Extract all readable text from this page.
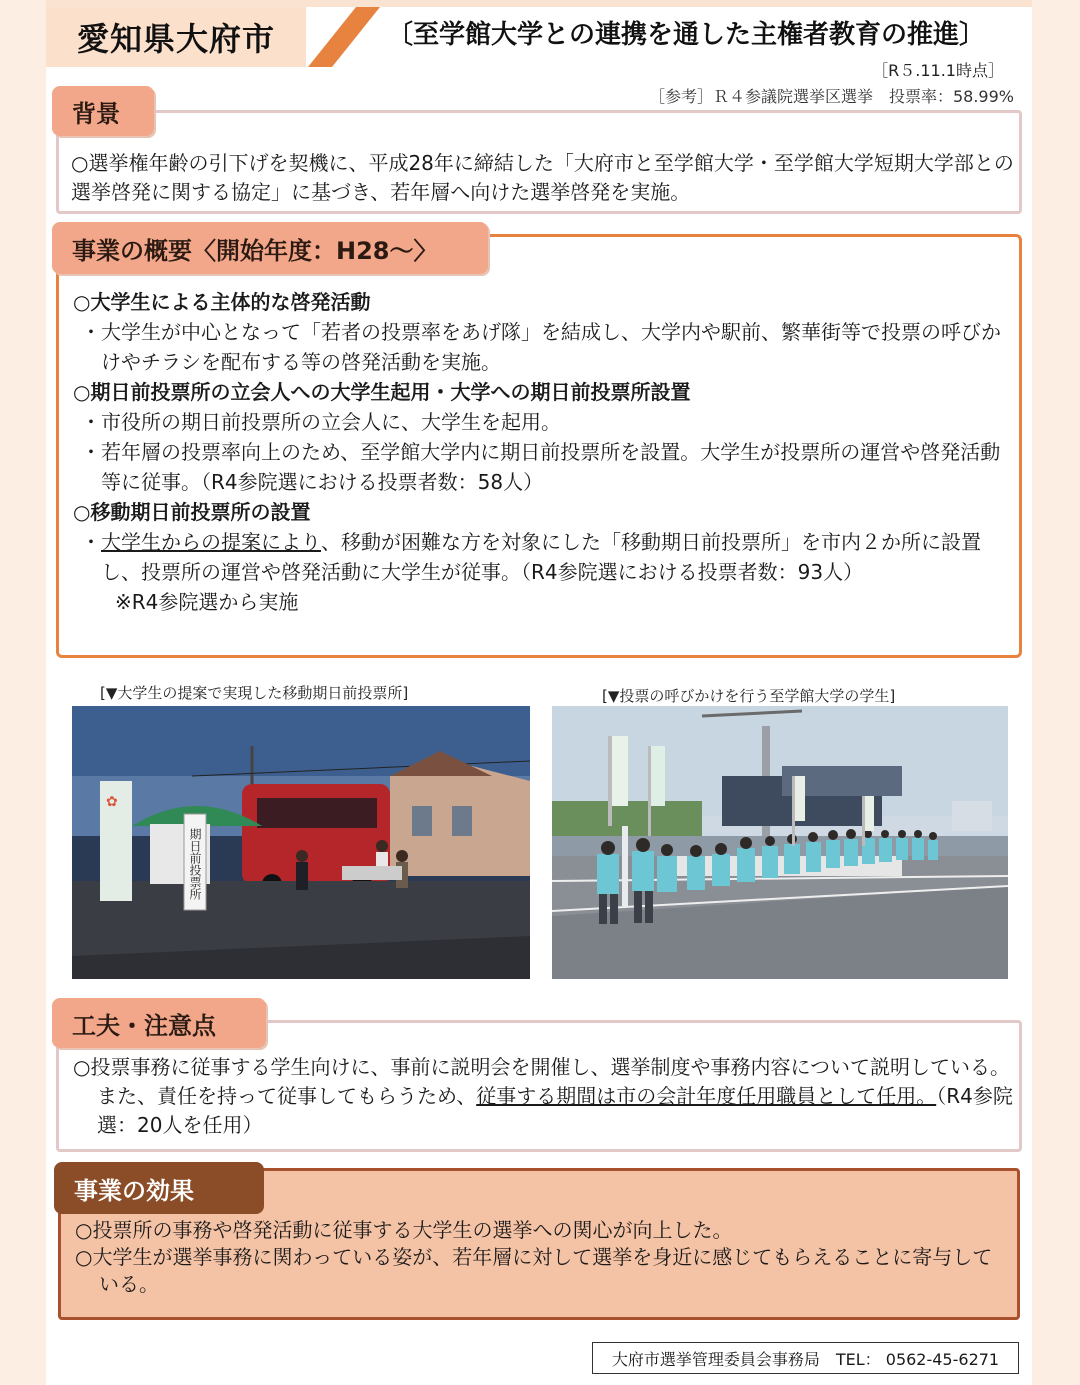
愛知県大府市	〔至学館大学との連携を通した主権者教育の推進〕
［R５.11.1時点］
［参考］Ｒ４参議院選挙区選挙　投票率：58.99%
○選挙権年齢の引下げを契機に、平成28年に締結した「大府市と至学館大学・至学館大学短期大学部との選挙啓発に関する協定」に基づき、若年層へ向けた選挙啓発を実施。
背景
○大学生による主体的な啓発活動
・大学生が中心となって「若者の投票率をあげ隊」を結成し、大学内や駅前、繁華街等で投票の呼びかけやチラシを配布する等の啓発活動を実施。
○期日前投票所の立会人への大学生起用・大学への期日前投票所設置
・市役所の期日前投票所の立会人に、大学生を起用。
・若年層の投票率向上のため、至学館大学内に期日前投票所を設置。大学生が投票所の運営や啓発活動等に従事。（R4参院選における投票者数：58人）
○移動期日前投票所の設置
・大学生からの提案により、移動が困難な方を対象にした「移動期日前投票所」を市内２か所に設置し、投票所の運営や啓発活動に大学生が従事。（R4参院選における投票者数：93人）
※R4参院選から実施
事業の概要〈開始年度：H28～〉
[▼大学生の提案で実現した移動期日前投票所]	[▼投票の呼びかけを行う至学館大学の学生]
期日前投票所
✿
○投票事務に従事する学生向けに、事前に説明会を開催し、選挙制度や事務内容について説明している。また、責任を持って従事してもらうため、従事する期間は市の会計年度任用職員として任用。（R4参院選：20人を任用）
工夫・注意点
○投票所の事務や啓発活動に従事する大学生の選挙への関心が向上した。
○大学生が選挙事務に関わっている姿が、若年層に対して選挙を身近に感じてもらえることに寄与している。
事業の効果
大府市選挙管理委員会事務局　TEL： 0562-45-6271
